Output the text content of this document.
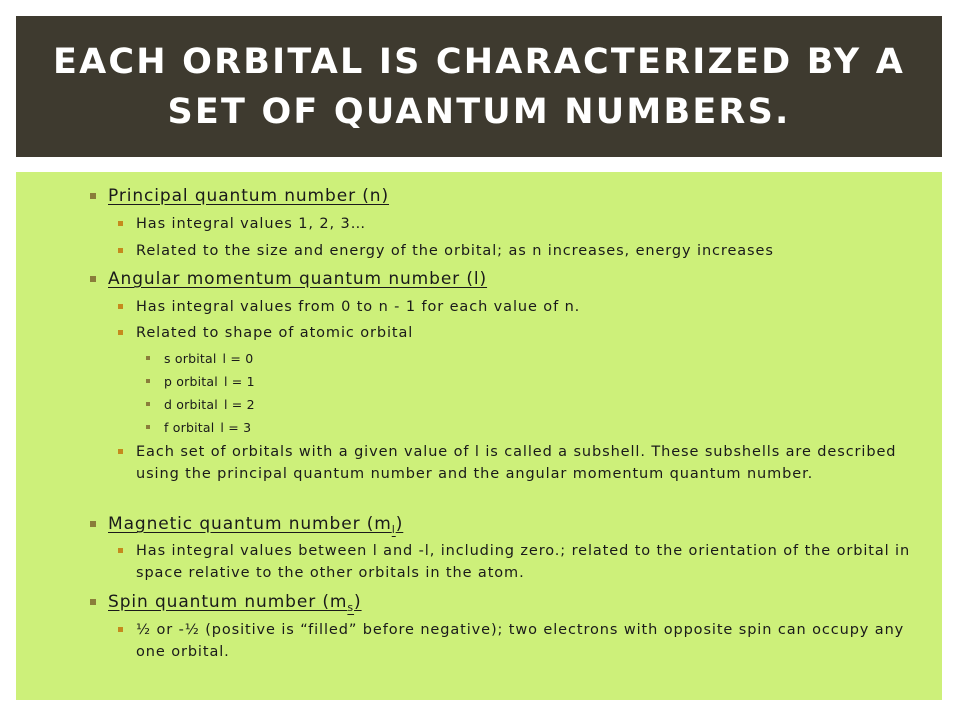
EACH ORBITAL IS CHARACTERIZED BY A SET OF QUANTUM NUMBERS.
Principal quantum number (n)
Has integral values 1, 2, 3…
Related to the size and energy of the orbital; as n increases, energy increases
Angular momentum quantum number (l)
Has integral values from 0 to n - 1 for each value of n.
Related to shape of atomic orbital
s orbital l = 0
p orbital l = 1
d orbital l = 2
f orbital l = 3
Each set of orbitals with a given value of l is called a subshell. These subshells are described using the principal quantum number and the angular momentum quantum number.
Magnetic quantum number $(m_l)$
Has integral values between l and -l, including zero.; related to the orientation of the orbital in space relative to the other orbitals in the atom.
Spin quantum number $(m_s)$
½ or -½ (positive is “filled” before negative); two electrons with opposite spin can occupy any one orbital.
